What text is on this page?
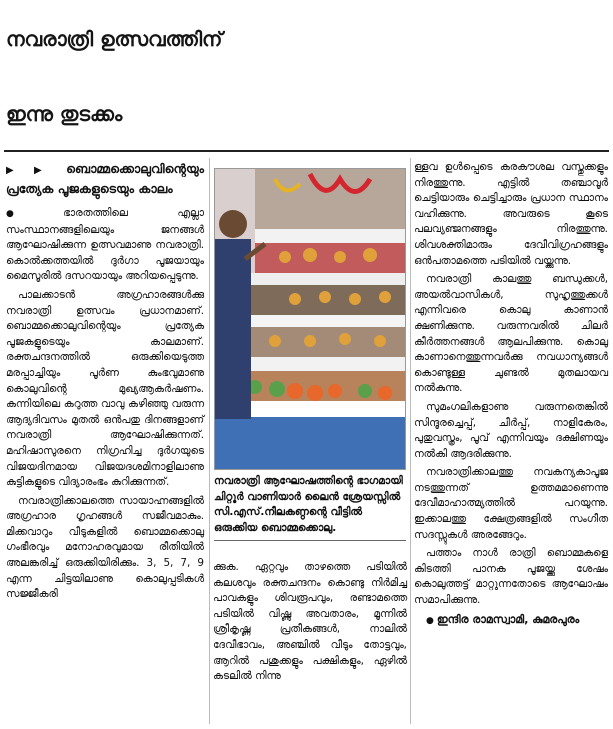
നവരാത്രി ഉത്സവത്തിന്
ഇന്നു തുടക്കം
▶▶ ബൊമ്മക്കൊലുവിന്റെയും പ്രത്യേക പൂജകളുടെയും കാലം

● ഭാരതത്തിലെ എല്ലാ സംസ്ഥാനങ്ങളിലെയും ജനങ്ങൾ ആഘോഷിക്കുന്ന ഉത്സവമാണു നവരാത്രി. കൊൽക്കത്തയിൽ ദുർഗാ പൂജയായും മൈസൂരിൽ ദസറയായും അറിയപ്പെടുന്നു.

പാലക്കാടൻ അഗ്രഹാരങ്ങൾക്കു നവരാത്രി ഉത്സവം പ്രധാനമാണ്. ബൊമ്മക്കൊലുവിന്റെയും പ്രത്യേക പൂജകളുടെയും കാലമാണ്. രക്തചന്ദനത്തിൽ ഒരുക്കിയെടുത്ത മരപ്പാച്ചിയും പൂർണ കുംഭവുമാണു കൊലുവിന്റെ മുഖ്യആകർഷണം. കന്നിയിലെ കറുത്ത വാവു കഴിഞ്ഞു വരുന്ന ആദ്യദിവസം മുതൽ ഒൻപതു ദിനങ്ങളാണ് നവരാത്രി ആഘോഷിക്കുന്നത്. മഹിഷാസുരനെ നിഗ്രഹിച്ച ദുർഗയുടെ വിജയദിനമായ വിജയദശമിനാളിലാണു കുട്ടികളുടെ വിദ്യാരംഭം കുറിക്കുന്നത്.

നവരാത്രിക്കാലത്തെ സായാഹ്നങ്ങളിൽ അഗ്രഹാര ഗൃഹങ്ങൾ സജീവമാകും. മിക്കവാറും വീടുകളിൽ ബൊമ്മക്കൊലു ഗംഭീരവും മനോഹരവുമായ രീതിയിൽ അലങ്കരിച്ച് ഒരുക്കിയിരിക്കും. 3, 5, 7, 9 എന്ന ചിട്ടയിലാണു കൊലുപ്പടികൾ സജ്ജീകരി

നവരാത്രി ആഘോഷത്തിന്റെ ഭാഗമായി ചിറ്റൂർ വാണിയാർ ലൈൻ ശ്രേയസ്സിൽ സി.എസ്.നീലകണ്ഠന്റെ വീട്ടിൽ ഒരുക്കിയ ബൊമ്മക്കൊലു.

ക്കുക. ഏറ്റവും താഴത്തെ പടിയിൽ കലശവും രക്തചന്ദനം കൊണ്ടു നിർമിച്ച പാവകളും ശിവരൂപവും, രണ്ടാമത്തെ പടിയിൽ വിഷ്ണു അവതാരം, മൂന്നിൽ ശ്രീകൃഷ്ണ പ്രതീകങ്ങൾ, നാലിൽ ദേവീഭാവം, അഞ്ചിൽ വീടും തോട്ടവും, ആറിൽ പശുക്കളും പക്ഷികളും, ഏഴിൽ കടലിൽ നിന്നു

ള്ളവ ഉൾപ്പെടെ കരകൗശല വസ്തുക്കളും നിരത്തുന്നു. എട്ടിൽ തഞ്ചാവൂർ ചെട്ടിയാരും ചെട്ടിച്ചാരും പ്രധാന സ്ഥാനം വഹിക്കുന്നു. അവരുടെ കൂടെ പലവ്യഞ്ജനങ്ങളും നിരത്തുന്നു. ശിവശക്തിമാരും ദേവീവിഗ്രഹങ്ങളും ഒൻപതാമത്തെ പടിയിൽ വയ്ക്കുന്നു.

നവരാത്രി കാലത്തു ബന്ധുക്കൾ, അയൽവാസികൾ, സുഹൃത്തുക്കൾ എന്നിവരെ കൊലു കാണാൻ ക്ഷണിക്കുന്നു. വരുന്നവരിൽ ചിലർ കീർത്തനങ്ങൾ ആലപിക്കുന്നു. കൊലു കാണാനെത്തുന്നവർക്കു നവധാന്യങ്ങൾ കൊണ്ടുള്ള ചുണ്ടൽ മുതലായവ നൽകുന്നു.

സുമംഗലികളാണു വരുന്നതെങ്കിൽ സിന്ദൂരച്ചെപ്പ്, ചീർപ്പ്, നാളികേരം, പുതുവസ്ത്രം, പൂവ് എന്നിവയും ദക്ഷിണയും നൽകി ആദരിക്കുന്നു.

നവരാത്രിക്കാലത്തു നവകന്യകാപൂജ നടത്തുന്നത് ഉത്തമമാണെന്നു ദേവീമാഹാത്മ്യത്തിൽ പറയുന്നു. ഇക്കാലത്തു ക്ഷേത്രങ്ങളിൽ സംഗീത സദസ്സുകൾ അരങ്ങേറും.

പത്താം നാൾ രാത്രി ബൊമ്മകളെ കിടത്തി പാനക പൂജയ്ക്കു ശേഷം കൊലുത്തട്ട് മാറ്റുന്നതോടെ ആഘോഷം സമാപിക്കുന്നു.

● ഇന്ദിര രാമസ്വാമി, കുമരപുരം
